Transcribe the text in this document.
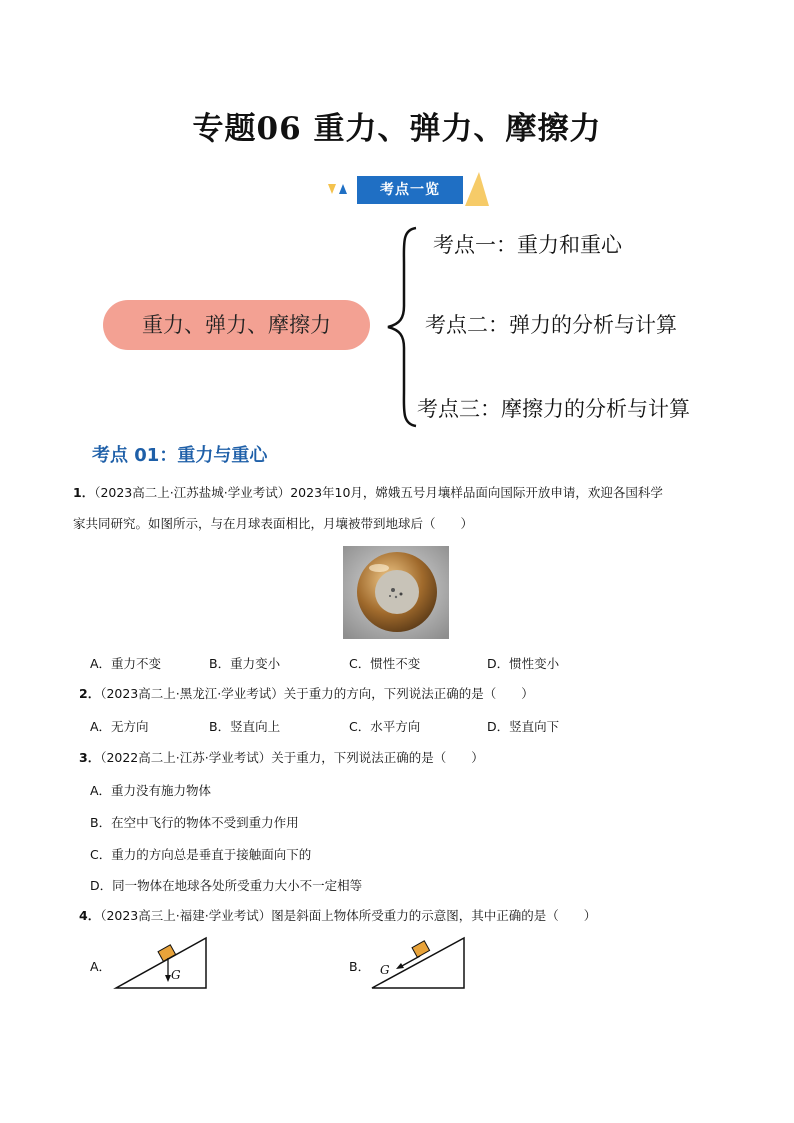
专题06 重力、弹力、摩擦力
考点一览
重力、弹力、摩擦力
考点一：重力和重心
考点二：弹力的分析与计算
考点三：摩擦力的分析与计算
考点 01：重力与重心
1．（2023高二上·江苏盐城·学业考试）2023年10月，嫦娥五号月壤样品面向国际开放申请，欢迎各国科学
家共同研究。如图所示，与在月球表面相比，月壤被带到地球后（　　）
A．重力不变	B．重力变小	C．惯性不变	D．惯性变小
2．（2023高二上·黑龙江·学业考试）关于重力的方向，下列说法正确的是（　　）
A．无方向	B．竖直向上	C．水平方向	D．竖直向下
3．（2022高二上·江苏·学业考试）关于重力，下列说法正确的是（　　）
A．重力没有施力物体
B．在空中飞行的物体不受到重力作用
C．重力的方向总是垂直于接触面向下的
D．同一物体在地球各处所受重力大小不一定相等
4．（2023高三上·福建·学业考试）图是斜面上物体所受重力的示意图，其中正确的是（　　）
A．
G
B． G
